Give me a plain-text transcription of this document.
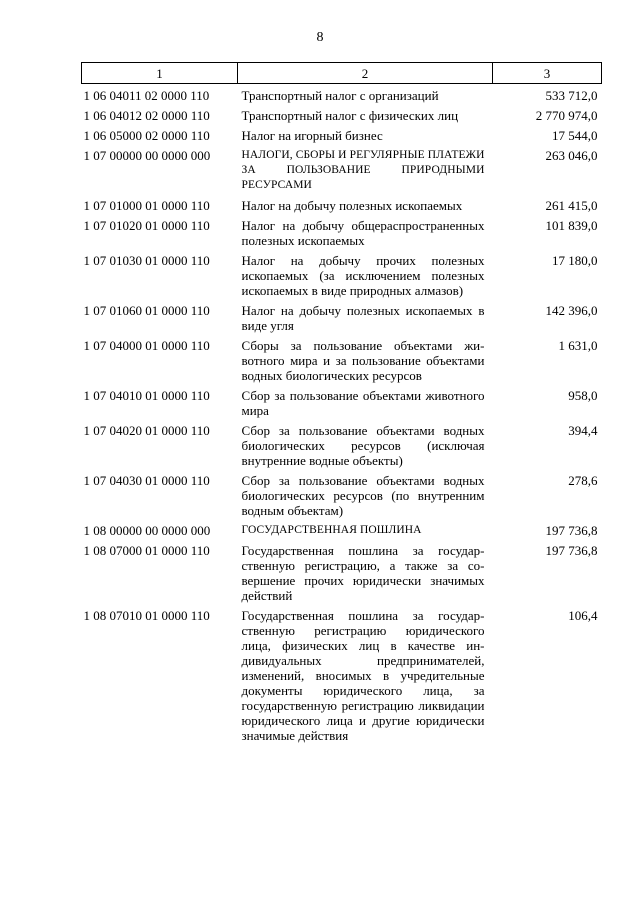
8
1	2	3
1 06 04011 02 0000 110	Транспортный налог с организаций	533 712,0
1 06 04012 02 0000 110	Транспортный налог с физических лиц	2 770 974,0
1 06 05000 02 0000 110	Налог на игорный бизнес	17 544,0
1 07 00000 00 0000 000	НАЛОГИ, СБОРЫ И РЕГУЛЯРНЫЕ ПЛАТЕЖИ ЗА ПОЛЬЗОВАНИЕ ПРИРОДНЫМИ РЕСУРСАМИ	263 046,0
1 07 01000 01 0000 110	Налог на добычу полезных ископаемых	261 415,0
1 07 01020 01 0000 110	Налог на добычу общераспространенных полезных ископаемых	101 839,0
1 07 01030 01 0000 110	Налог на добычу прочих полезных ископаемых (за исключением полезных ископаемых в виде природных алмазов)	17 180,0
1 07 01060 01 0000 110	Налог на добычу полезных ископаемых в виде угля	142 396,0
1 07 04000 01 0000 110	Сборы за пользование объектами животного мира и за пользование объектами водных биологических ресурсов	1 631,0
1 07 04010 01 0000 110	Сбор за пользование объектами животного мира	958,0
1 07 04020 01 0000 110	Сбор за пользование объектами водных биологических ресурсов (исключая внутренние водные объекты)	394,4
1 07 04030 01 0000 110	Сбор за пользование объектами водных биологических ресурсов (по внутренним водным объектам)	278,6
1 08 00000 00 0000 000	ГОСУДАРСТВЕННАЯ ПОШЛИНА	197 736,8
1 08 07000 01 0000 110	Государственная пошлина за государственную регистрацию, а также за совершение прочих юридически значимых действий	197 736,8
1 08 07010 01 0000 110	Государственная пошлина за государственную регистрацию юридического лица, физических лиц в качестве индивидуальных предпринимателей, изменений, вносимых в учредительные документы юридического лица, за государственную регистрацию ликвидации юридического лица и другие юридически значимые действия	106,4
